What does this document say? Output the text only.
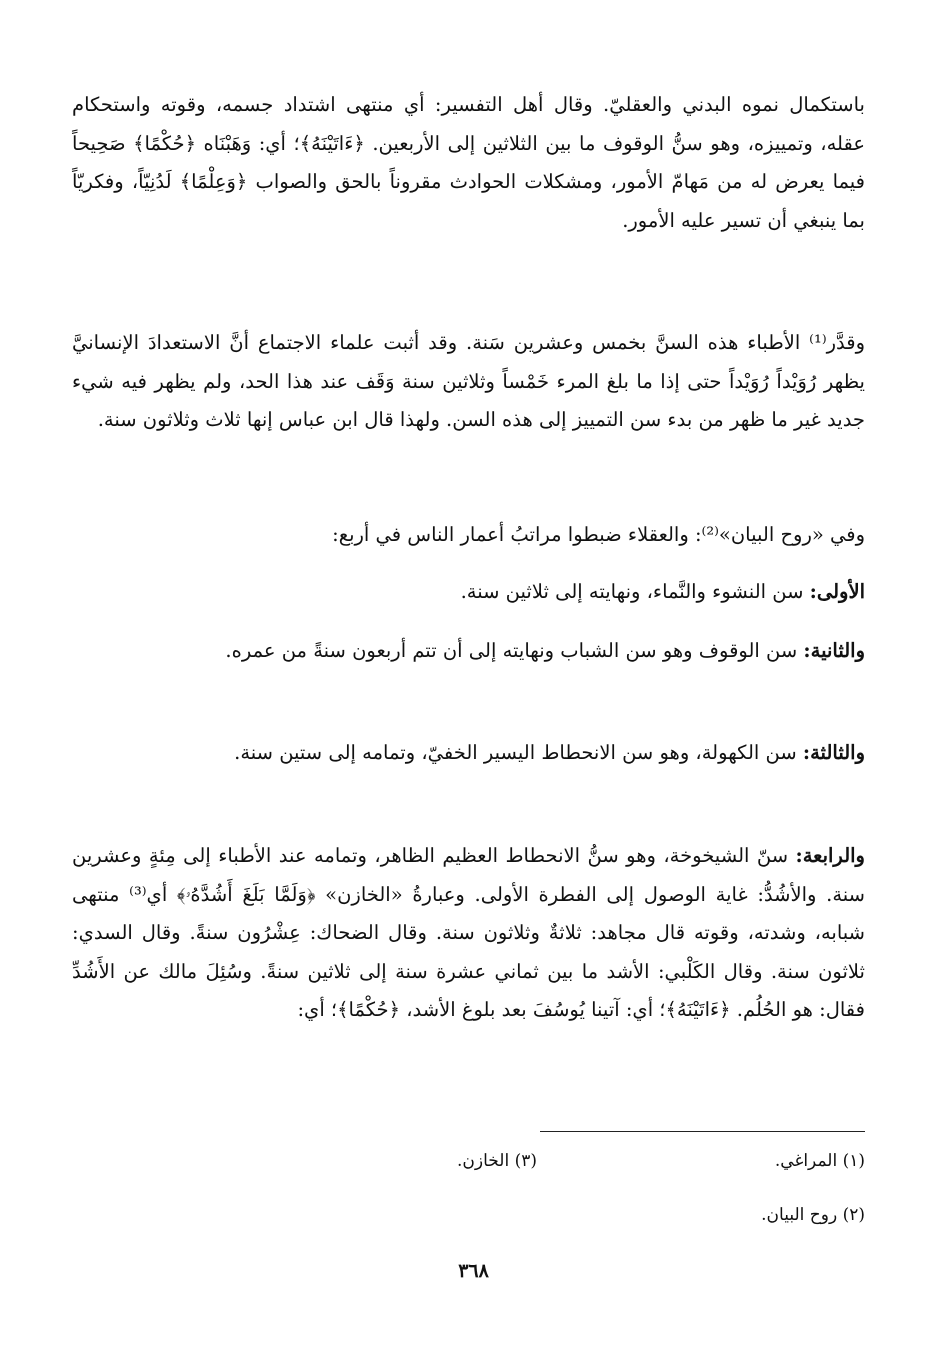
باستكمال نموه البدني والعقليّ. وقال أهل التفسير: أي منتهى اشتداد جسمه، وقوته واستحكام عقله، وتمييزه، وهو سنُّ الوقوف ما بين الثلاثين إلى الأربعين. ﴿ءَاتَيْنَهُ﴾؛ أي: وَهَبْنَاه ﴿حُكْمًا﴾ صَحِيحاً فيما يعرض له من مَهامّ الأمور، ومشكلات الحوادث مقروناً بالحق والصواب ﴿وَعِلْمًا﴾ لَدُنِيّاً، وفكريّاً بما ينبغي أن تسير عليه الأمور.

وقدَّر⁽¹⁾ الأطباء هذه السنَّ بخمس وعشرين سَنة. وقد أثبت علماء الاجتماع أنَّ الاستعدادَ الإنسانيَّ يظهر رُوَيْداً رُوَيْداً حتى إذا ما بلغ المرء خَمْساً وثلاثين سنة وَقَف عند هذا الحد، ولم يظهر فيه شيء جديد غير ما ظهر من بدء سن التمييز إلى هذه السن. ولهذا قال ابن عباس إنها ثلاث وثلاثون سنة.

وفي «روح البيان»⁽²⁾: والعقلاء ضبطوا مراتبُ أعمار الناس في أربع:

الأولى: سن النشوء والنَّماء، ونهايته إلى ثلاثين سنة.

والثانية: سن الوقوف وهو سن الشباب ونهايته إلى أن تتم أربعون سنةً من عمره.

والثالثة: سن الكهولة، وهو سن الانحطاط اليسير الخفيّ، وتمامه إلى ستين سنة.

والرابعة: سنّ الشيخوخة، وهو سنُّ الانحطاط العظيم الظاهر، وتمامه عند الأطباء إلى مِئةٍ وعشرين سنة. والأشُدُّ: غاية الوصول إلى الفطرة الأولى. وعبارةُ «الخازن» ﴿وَلَمَّا بَلَغَ أَشُدَّهُۥ﴾ أي⁽³⁾ منتهى شبابه، وشدته، وقوته قال مجاهد: ثلاثةٌ وثلاثون سنة. وقال الضحاك: عِشْرُون سنةً. وقال السدي: ثلاثون سنة. وقال الكَلْبي: الأشد ما بين ثماني عشرة سنة إلى ثلاثين سنةً. وسُئِلَ مالك عن الأَشُدِّ فقال: هو الحُلُم. ﴿ءَاتَيْنَهُ﴾؛ أي: آتينا يُوسُفَ بعد بلوغ الأشد، ﴿حُكْمًا﴾؛ أي:

(١) المراغي.
(٣) الخازن.
(٢) روح البيان.
٣٦٨
